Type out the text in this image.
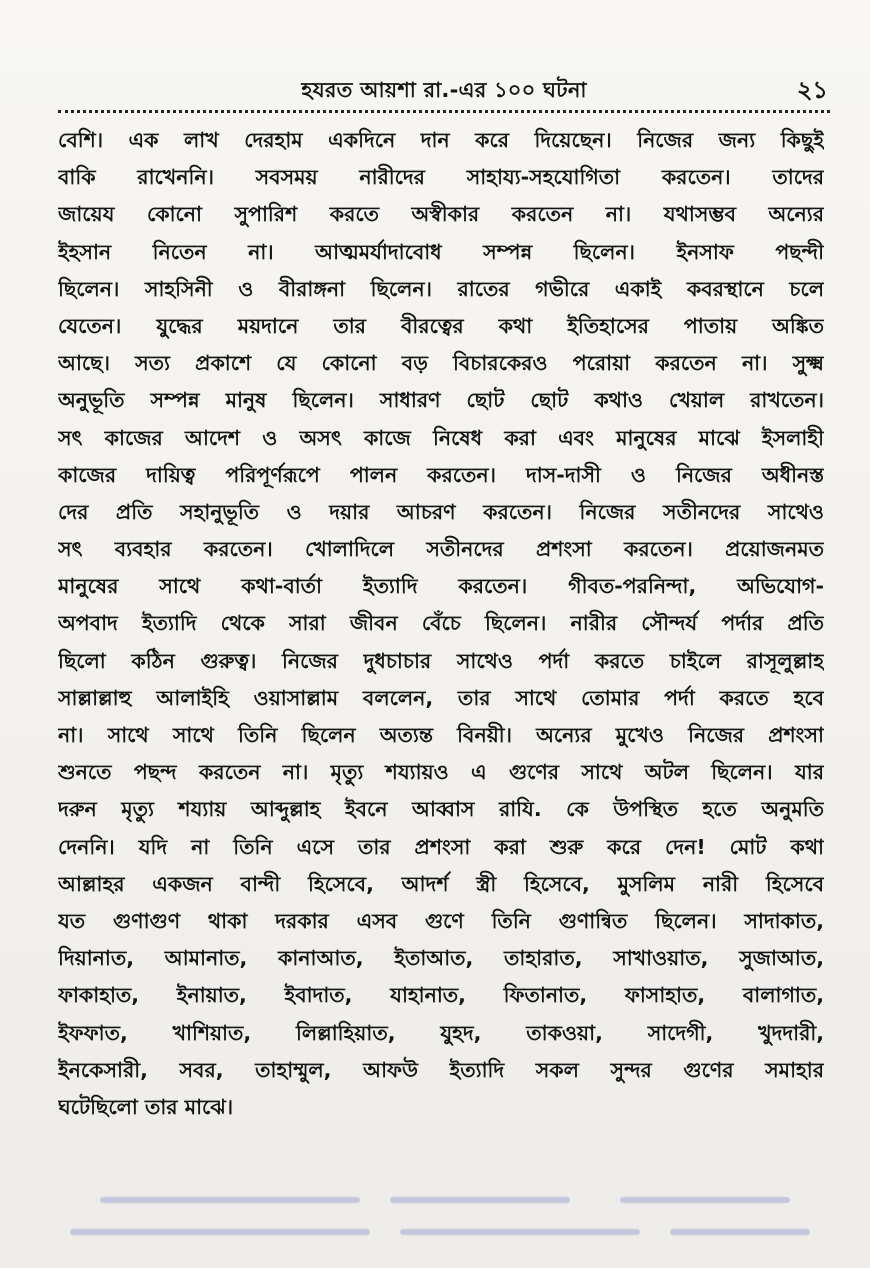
হযরত আয়শা রা.-এর ১০০ ঘটনা	২১
বেশি। এক লাখ দেরহাম একদিনে দান করে দিয়েছেন। নিজের জন্য কিছুই
বাকি রাখেননি। সবসময় নারীদের সাহায্য-সহযোগিতা করতেন। তাদের
জায়েয কোনো সুপারিশ করতে অস্বীকার করতেন না। যথাসম্ভব অন্যের
ইহসান নিতেন না। আত্মমর্যাদাবোধ সম্পন্ন ছিলেন। ইনসাফ পছন্দী
ছিলেন। সাহসিনী ও বীরাঙ্গনা ছিলেন। রাতের গভীরে একাই কবরস্থানে চলে
যেতেন। যুদ্ধের ময়দানে তার বীরত্বের কথা ইতিহাসের পাতায় অঙ্কিত
আছে। সত্য প্রকাশে যে কোনো বড় বিচারকেরও পরোয়া করতেন না। সুক্ষ্ম
অনুভূতি সম্পন্ন মানুষ ছিলেন। সাধারণ ছোট ছোট কথাও খেয়াল রাখতেন।
সৎ কাজের আদেশ ও অসৎ কাজে নিষেধ করা এবং মানুষের মাঝে ইসলাহী
কাজের দায়িত্ব পরিপূর্ণরূপে পালন করতেন। দাস-দাসী ও নিজের অধীনস্ত
দের প্রতি সহানুভূতি ও দয়ার আচরণ করতেন। নিজের সতীনদের সাথেও
সৎ ব্যবহার করতেন। খোলাদিলে সতীনদের প্রশংসা করতেন। প্রয়োজনমত
মানুষের সাথে কথা-বার্তা ইত্যাদি করতেন। গীবত-পরনিন্দা, অভিযোগ-
অপবাদ ইত্যাদি থেকে সারা জীবন বেঁচে ছিলেন। নারীর সৌন্দর্য পর্দার প্রতি
ছিলো কঠিন গুরুত্ব। নিজের দুধচাচার সাথেও পর্দা করতে চাইলে রাসূলুল্লাহ
সাল্লাল্লাহু আলাইহি ওয়াসাল্লাম বললেন, তার সাথে তোমার পর্দা করতে হবে
না। সাথে সাথে তিনি ছিলেন অত্যন্ত বিনয়ী। অন্যের মুখেও নিজের প্রশংসা
শুনতে পছন্দ করতেন না। মৃত্যু শয্যায়ও এ গুণের সাথে অটল ছিলেন। যার
দরুন মৃত্যু শয্যায় আব্দুল্লাহ ইবনে আব্বাস রাযি. কে উপস্থিত হতে অনুমতি
দেননি। যদি না তিনি এসে তার প্রশংসা করা শুরু করে দেন! মোট কথা
আল্লাহর একজন বান্দী হিসেবে, আদর্শ স্ত্রী হিসেবে, মুসলিম নারী হিসেবে
যত গুণাগুণ থাকা দরকার এসব গুণে তিনি গুণান্বিত ছিলেন। সাদাকাত,
দিয়ানাত, আমানাত, কানাআত, ইতাআত, তাহারাত, সাখাওয়াত, সুজাআত,
ফাকাহাত, ইনায়াত, ইবাদাত, যাহানাত, ফিতানাত, ফাসাহাত, বালাগাত,
ইফফাত, খাশিয়াত, লিল্লাহিয়াত, যুহদ, তাকওয়া, সাদেগী, খুদদারী,
ইনকেসারী, সবর, তাহাম্মুল, আফউ ইত্যাদি সকল সুন্দর গুণের সমাহার
ঘটেছিলো তার মাঝে।
